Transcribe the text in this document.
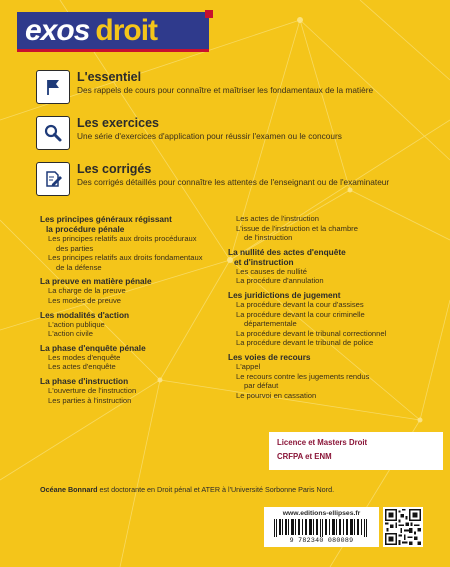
exos droit
L'essentiel
Des rappels de cours pour connaître et maîtriser les fondamentaux de la matière
Les exercices
Une série d'exercices d'application pour réussir l'examen ou le concours
Les corrigés
Des corrigés détaillés pour connaître les attentes de l'enseignant ou de l'examinateur
Les principes généraux régissant
la procédure pénale
Les principes relatifs aux droits procéduraux
des parties
Les principes relatifs aux droits fondamentaux
de la défense
La preuve en matière pénale
La charge de la preuve
Les modes de preuve
Les modalités d'action
L'action publique
L'action civile
La phase d'enquête pénale
Les modes d'enquête
Les actes d'enquête
La phase d'instruction
L'ouverture de l'instruction
Les parties à l'instruction
Les actes de l'instruction
L'issue de l'instruction et la chambre
de l'instruction
La nullité des actes d'enquête
et d'instruction
Les causes de nullité
La procédure d'annulation
Les juridictions de jugement
La procédure devant la cour d'assises
La procédure devant la cour criminelle
départementale
La procédure devant le tribunal correctionnel
La procédure devant le tribunal de police
Les voies de recours
L'appel
Le recours contre les jugements rendus
par défaut
Le pourvoi en cassation
Licence et Masters Droit
CRFPA et ENM
Océane Bonnard est doctorante en Droit pénal et ATER à l'Université Sorbonne Paris Nord.
www.editions-ellipses.fr
9 782340 080089
